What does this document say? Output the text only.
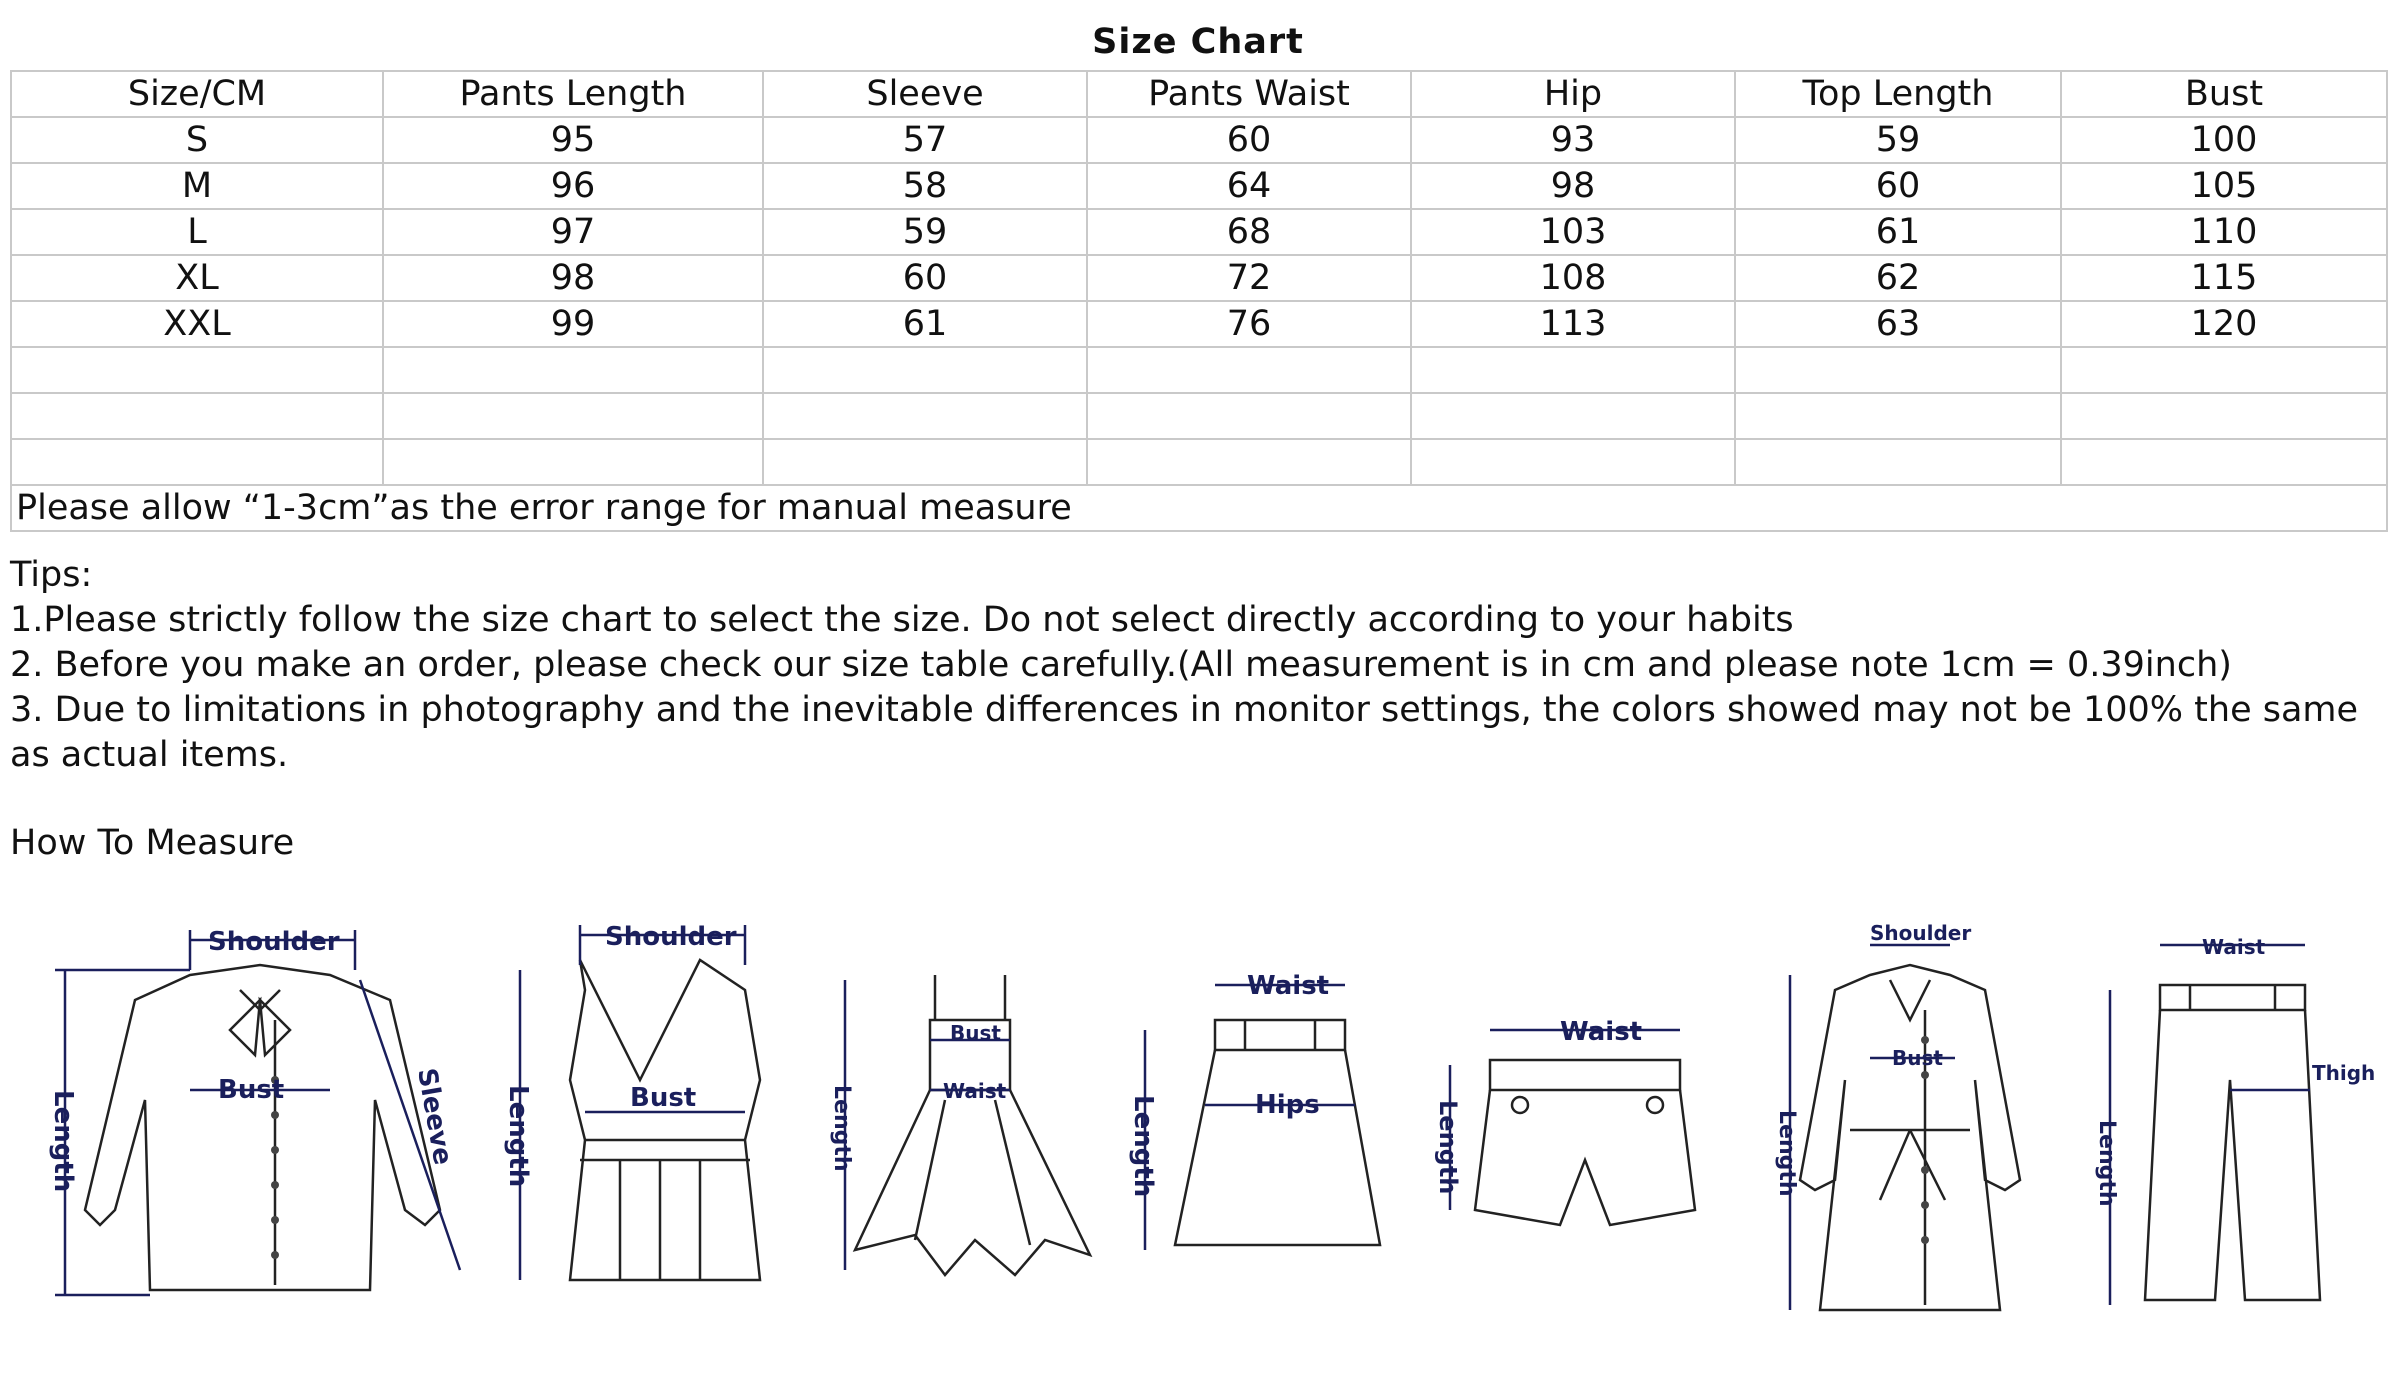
Size Chart
Size/CM	Pants Length	Sleeve	Pants Waist	Hip	Top Length	Bust
S	95	57	60	93	59	100
M	96	58	64	98	60	105
L	97	59	68	103	61	110
XL	98	60	72	108	62	115
XXL	99	61	76	113	63	120

Please allow “1-3cm”as the error range for manual measure						
Tips:
1.Please strictly follow the size chart to select the size. Do not select directly according to your habits
2. Before you make an order, please check our size table carefully.(All measurement is in cm and please note 1cm = 0.39inch)
3. Due to limitations in photography and the inevitable differences in monitor settings, the colors showed may not be 100% the same as actual items.
How To Measure
Shoulder
Bust
Length	Sleeve
Shoulder
Bust
Length
Bust
Waist
Length
Waist
Hips
Length
Waist
Length
Shoulder
Bust
Length
Waist
Thigh
Length
